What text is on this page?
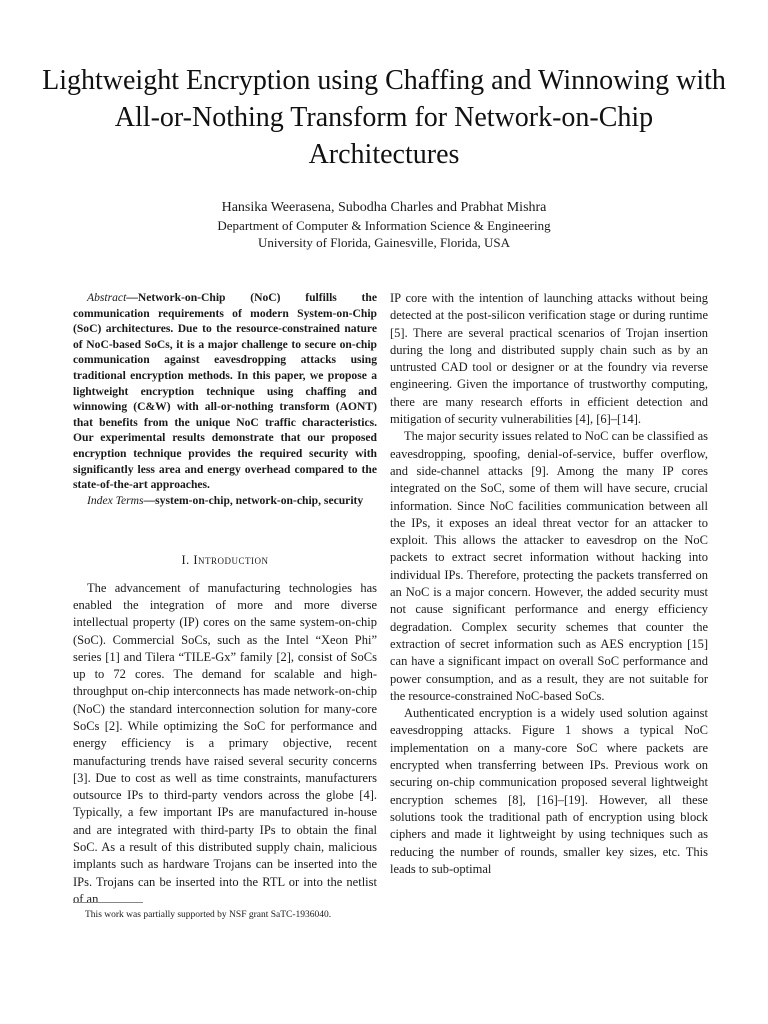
Lightweight Encryption using Chaffing and Winnowing with All-or-Nothing Transform for Network-on-Chip Architectures
Hansika Weerasena, Subodha Charles and Prabhat Mishra
Department of Computer & Information Science & Engineering
University of Florida, Gainesville, Florida, USA

Abstract—Network-on-Chip (NoC) fulfills the communication requirements of modern System-on-Chip (SoC) architectures. Due to the resource-constrained nature of NoC-based SoCs, it is a major challenge to secure on-chip communication against eavesdropping attacks using traditional encryption methods. In this paper, we propose a lightweight encryption technique using chaffing and winnowing (C&W) with all-or-nothing transform (AONT) that benefits from the unique NoC traffic characteristics. Our experimental results demonstrate that our proposed encryption technique provides the required security with significantly less area and energy overhead compared to the state-of-the-art approaches.

Index Terms—system-on-chip, network-on-chip, security

I. Introduction

The advancement of manufacturing technologies has enabled the integration of more and more diverse intellectual property (IP) cores on the same system-on-chip (SoC). Commercial SoCs, such as the Intel “Xeon Phi” series [1] and Tilera “TILE-Gx” family [2], consist of SoCs up to 72 cores. The demand for scalable and high-throughput on-chip interconnects has made network-on-chip (NoC) the standard interconnection solution for many-core SoCs [2]. While optimizing the SoC for performance and energy efficiency is a primary objective, recent manufacturing trends have raised several security concerns [3]. Due to cost as well as time constraints, manufacturers outsource IPs to third-party vendors across the globe [4]. Typically, a few important IPs are manufactured in-house and are integrated with third-party IPs to obtain the final SoC. As a result of this distributed supply chain, malicious implants such as hardware Trojans can be inserted into the IPs. Trojans can be inserted into the RTL or into the netlist of an

IP core with the intention of launching attacks without being detected at the post-silicon verification stage or during runtime [5]. There are several practical scenarios of Trojan insertion during the long and distributed supply chain such as by an untrusted CAD tool or designer or at the foundry via reverse engineering. Given the importance of trustworthy computing, there are many research efforts in efficient detection and mitigation of security vulnerabilities [4], [6]–[14].

The major security issues related to NoC can be classified as eavesdropping, spoofing, denial-of-service, buffer overflow, and side-channel attacks [9]. Among the many IP cores integrated on the SoC, some of them will have secure, crucial information. Since NoC facilities communication between all the IPs, it exposes an ideal threat vector for an attacker to exploit. This allows the attacker to eavesdrop on the NoC packets to extract secret information without hacking into individual IPs. Therefore, protecting the packets transferred on an NoC is a major concern. However, the added security must not cause significant performance and energy efficiency degradation. Complex security schemes that counter the extraction of secret information such as AES encryption [15] can have a significant impact on overall SoC performance and power consumption, and as a result, they are not suitable for the resource-constrained NoC-based SoCs.

Authenticated encryption is a widely used solution against eavesdropping attacks. Figure 1 shows a typical NoC implementation on a many-core SoC where packets are encrypted when transferring between IPs. Previous work on securing on-chip communication proposed several lightweight encryption schemes [8], [16]–[19]. However, all these solutions took the traditional path of encryption using block ciphers and made it lightweight by using techniques such as reducing the number of rounds, smaller key sizes, etc. This leads to sub-optimal

This work was partially supported by NSF grant SaTC-1936040.
